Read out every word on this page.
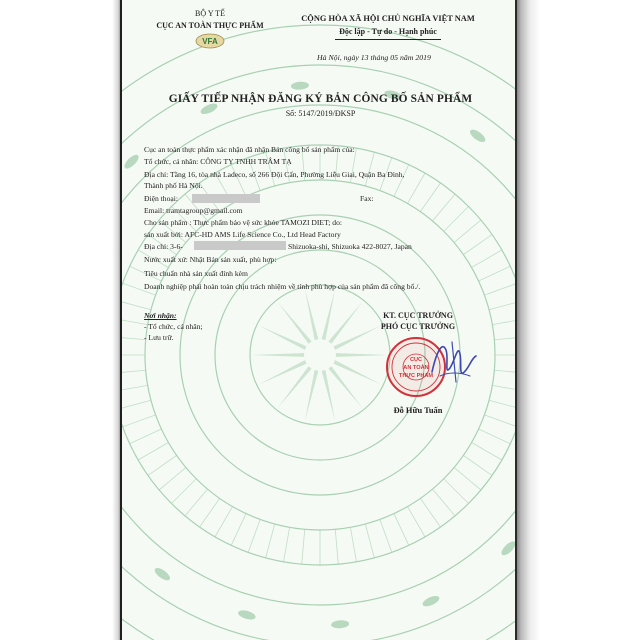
BỘ Y TẾ
CỤC AN TOÀN THỰC PHẨM
VFA
CỘNG HÒA XÃ HỘI CHỦ NGHĨA VIỆT NAM
Độc lập - Tự do - Hạnh phúc
Hà Nội, ngày 13 tháng 05 năm 2019
GIẤY TIẾP NHẬN ĐĂNG KÝ BẢN CÔNG BỐ SẢN PHẨM
Số: 5147/2019/ĐKSP
Cục an toàn thực phẩm xác nhận đã nhận Bản công bố sản phẩm của:
Tổ chức, cá nhân: CÔNG TY TNHH TRÂM TẠ
Địa chỉ: Tầng 16, tòa nhà Ladeco, số 266 Đội Cấn, Phường Liễu Giai, Quận Ba Đình,
Thành phố Hà Nội.
Điện thoại:	Fax:
Email: tramtagroup@gmail.com
Cho sản phẩm : Thực phẩm bảo vệ sức khỏe TAMOZI DIET; do:
sản xuất bởi: AFC-HD AMS Life Science Co., Ltd Head Factory
Địa chỉ: 3-6-	Shizuoka-shi, Shizuoka 422-8027, Japan
Nước xuất xứ: Nhật Bản sản xuất, phù hợp:
Tiêu chuẩn nhà sản xuất đính kèm
Doanh nghiệp phải hoàn toàn chịu trách nhiệm về tính phù hợp của sản phẩm đã công bố./.
Nơi nhận:
- Tổ chức, cá nhân;
- Lưu trữ.
KT. CỤC TRƯỞNG
PHÓ CỤC TRƯỞNG
CỤC
AN TOÀN
THỰC PHẨM
Đỗ Hữu Tuấn
